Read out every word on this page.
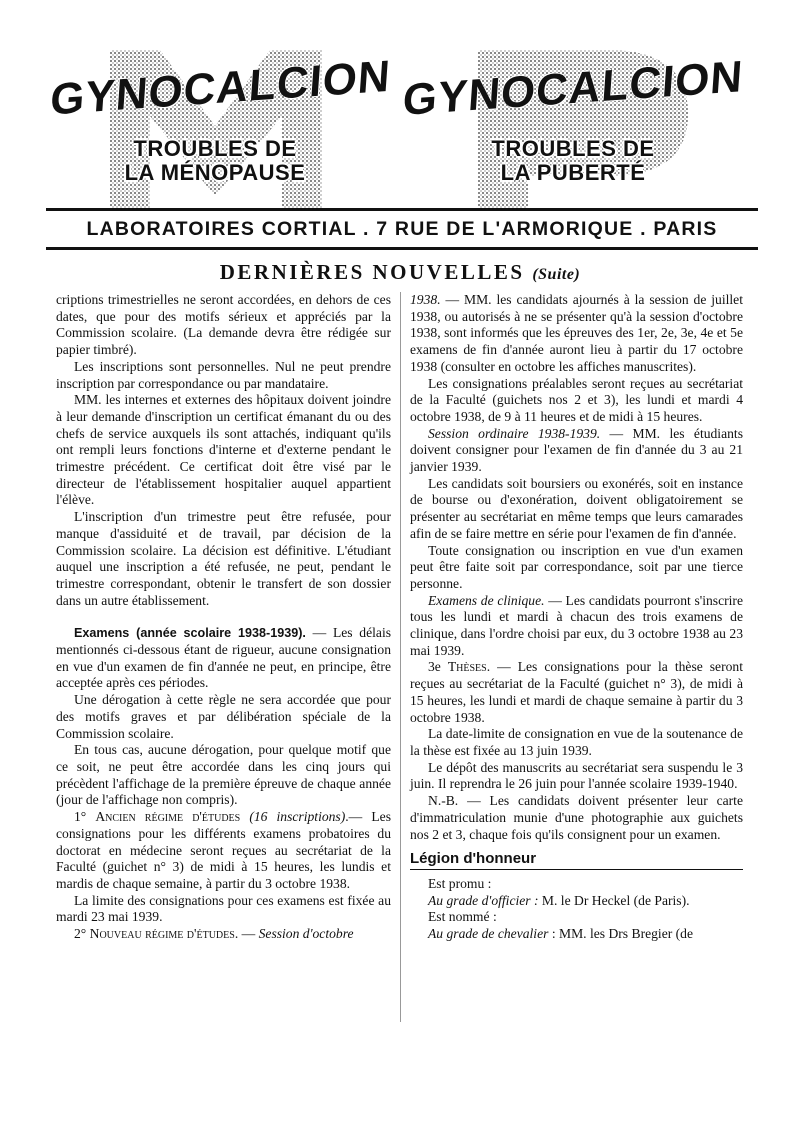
GYNOCALCION
TROUBLES DE
LA MÉNOPAUSE
GYNOCALCION
TROUBLES DE
LA PUBERTÉ
LABORATOIRES CORTIAL . 7 RUE DE L'ARMORIQUE . PARIS
DERNIÈRES NOUVELLES (Suite)

criptions trimestrielles ne seront accordées, en dehors de ces dates, que pour des motifs sérieux et appréciés par la Commission scolaire. (La demande devra être rédigée sur papier timbré).

Les inscriptions sont personnelles. Nul ne peut prendre inscription par correspondance ou par mandataire.

MM. les internes et externes des hôpitaux doivent joindre à leur demande d'inscription un certificat émanant du ou des chefs de service auxquels ils sont attachés, indiquant qu'ils ont rempli leurs fonctions d'interne et d'externe pendant le trimestre précédent. Ce certificat doit être visé par le directeur de l'établissement hospitalier auquel appartient l'élève.

L'inscription d'un trimestre peut être refusée, pour manque d'assiduité et de travail, par décision de la Commission scolaire. La décision est définitive. L'étudiant auquel une inscription a été refusée, ne peut, pendant le trimestre correspondant, obtenir le transfert de son dossier dans un autre établissement.

Examens (année scolaire 1938-1939). — Les délais mentionnés ci-dessous étant de rigueur, aucune consignation en vue d'un examen de fin d'année ne peut, en principe, être acceptée après ces périodes.

Une dérogation à cette règle ne sera accordée que pour des motifs graves et par délibération spéciale de la Commission scolaire.

En tous cas, aucune dérogation, pour quelque motif que ce soit, ne peut être accordée dans les cinq jours qui précèdent l'affichage de la première épreuve de chaque année (jour de l'affichage non compris).

1° Ancien régime d'études (16 inscriptions).— Les consignations pour les différents examens probatoires du doctorat en médecine seront reçues au secrétariat de la Faculté (guichet n° 3) de midi à 15 heures, les lundis et mardis de chaque semaine, à partir du 3 octobre 1938.

La limite des consignations pour ces examens est fixée au mardi 23 mai 1939.

2° Nouveau régime d'études. — Session d'octobre

1938. — MM. les candidats ajournés à la session de juillet 1938, ou autorisés à ne se présenter qu'à la session d'octobre 1938, sont informés que les épreuves des 1er, 2e, 3e, 4e et 5e examens de fin d'année auront lieu à partir du 17 octobre 1938 (consulter en octobre les affiches manuscrites).

Les consignations préalables seront reçues au secrétariat de la Faculté (guichets nos 2 et 3), les lundi et mardi 4 octobre 1938, de 9 à 11 heures et de midi à 15 heures.

Session ordinaire 1938-1939. — MM. les étudiants doivent consigner pour l'examen de fin d'année du 3 au 21 janvier 1939.

Les candidats soit boursiers ou exonérés, soit en instance de bourse ou d'exonération, doivent obligatoirement se présenter au secrétariat en même temps que leurs camarades afin de se faire mettre en série pour l'examen de fin d'année.

Toute consignation ou inscription en vue d'un examen peut être faite soit par correspondance, soit par une tierce personne.

Examens de clinique. — Les candidats pourront s'inscrire tous les lundi et mardi à chacun des trois examens de clinique, dans l'ordre choisi par eux, du 3 octobre 1938 au 23 mai 1939.

3e Thèses. — Les consignations pour la thèse seront reçues au secrétariat de la Faculté (guichet n° 3), de midi à 15 heures, les lundi et mardi de chaque semaine à partir du 3 octobre 1938.

La date-limite de consignation en vue de la soutenance de la thèse est fixée au 13 juin 1939.

Le dépôt des manuscrits au secrétariat sera suspendu le 3 juin. Il reprendra le 26 juin pour l'année scolaire 1939-1940.

N.-B. — Les candidats doivent présenter leur carte d'immatriculation munie d'une photographie aux guichets nos 2 et 3, chaque fois qu'ils consignent pour un examen.

Légion d'honneur

Est promu :

Au grade d'officier : M. le Dr Heckel (de Paris).

Est nommé :

Au grade de chevalier : MM. les Drs Bregier (de
